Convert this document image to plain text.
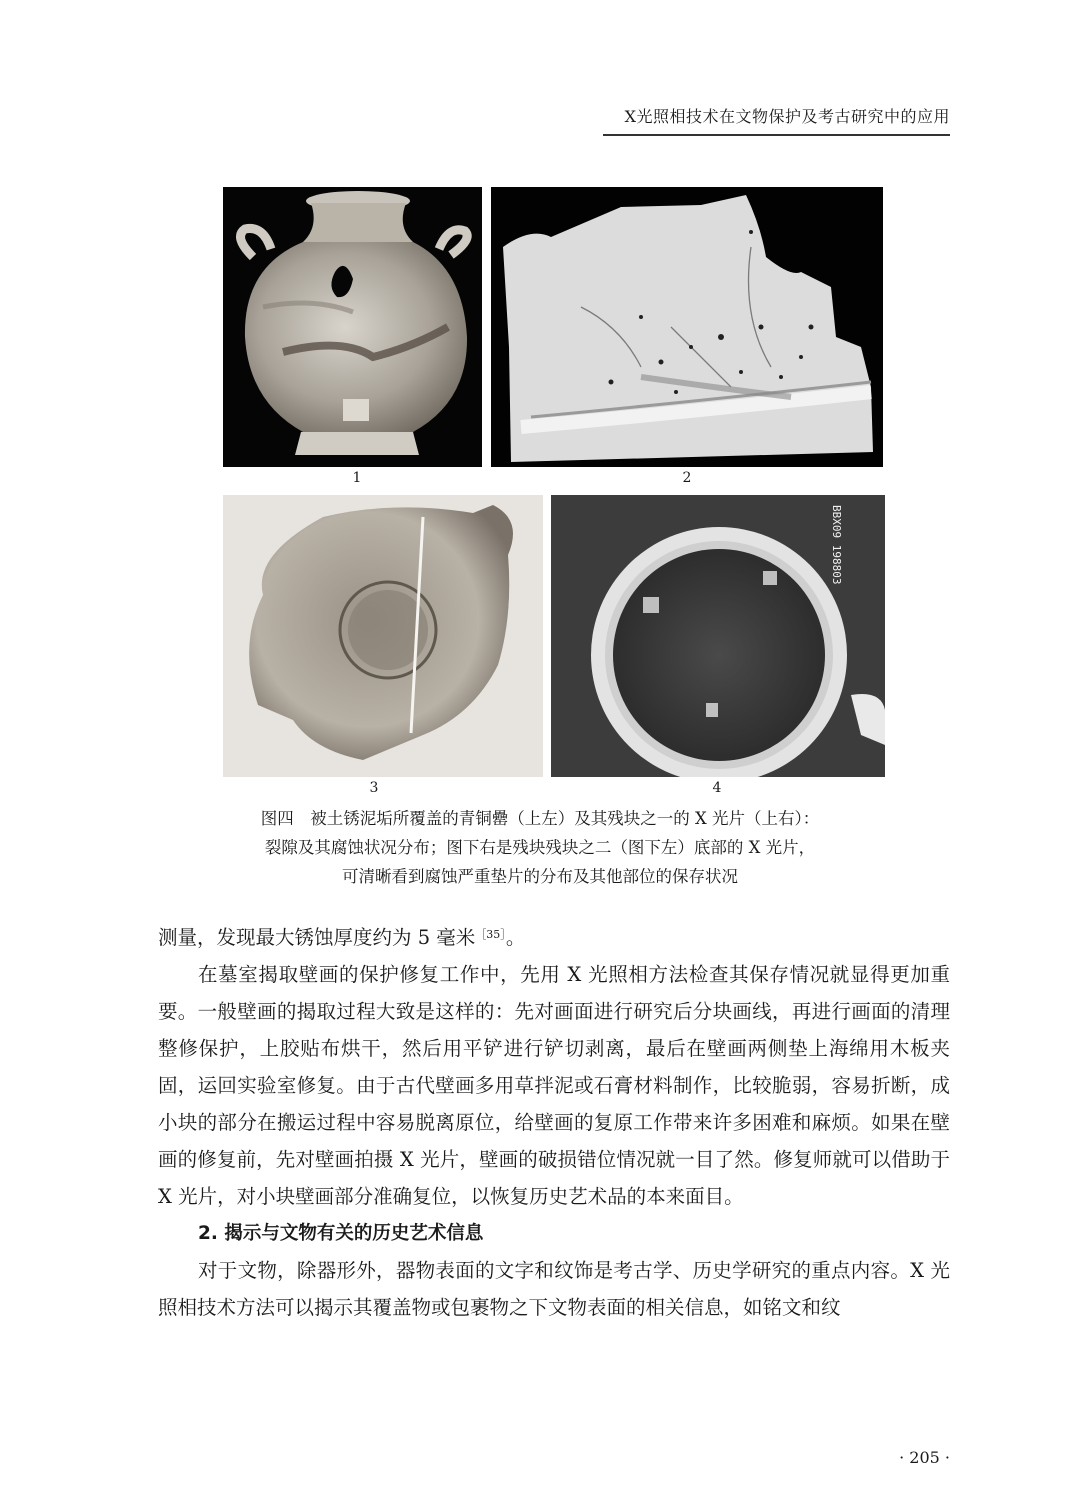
X光照相技术在文物保护及考古研究中的应用
1	2
3
BBX09 198803
4
图四　被土锈泥垢所覆盖的青铜罍（上左）及其残块之一的 X 光片（上右）：
裂隙及其腐蚀状况分布；图下右是残块残块之二（图下左）底部的 X 光片，
可清晰看到腐蚀严重垫片的分布及其他部位的保存状况

测量，发现最大锈蚀厚度约为 5 毫米$^{[35]}$。

在墓室揭取壁画的保护修复工作中，先用 X 光照相方法检查其保存情况就显得更加重要。一般壁画的揭取过程大致是这样的：先对画面进行研究后分块画线，再进行画面的清理整修保护，上胶贴布烘干，然后用平铲进行铲切剥离，最后在壁画两侧垫上海绵用木板夹固，运回实验室修复。由于古代壁画多用草拌泥或石膏材料制作，比较脆弱，容易折断，成小块的部分在搬运过程中容易脱离原位，给壁画的复原工作带来许多困难和麻烦。如果在壁画的修复前，先对壁画拍摄 X 光片，壁画的破损错位情况就一目了然。修复师就可以借助于 X 光片，对小块壁画部分准确复位，以恢复历史艺术品的本来面目。

2. 揭示与文物有关的历史艺术信息

对于文物，除器形外，器物表面的文字和纹饰是考古学、历史学研究的重点内容。X 光照相技术方法可以揭示其覆盖物或包裹物之下文物表面的相关信息，如铭文和纹

· 205 ·
